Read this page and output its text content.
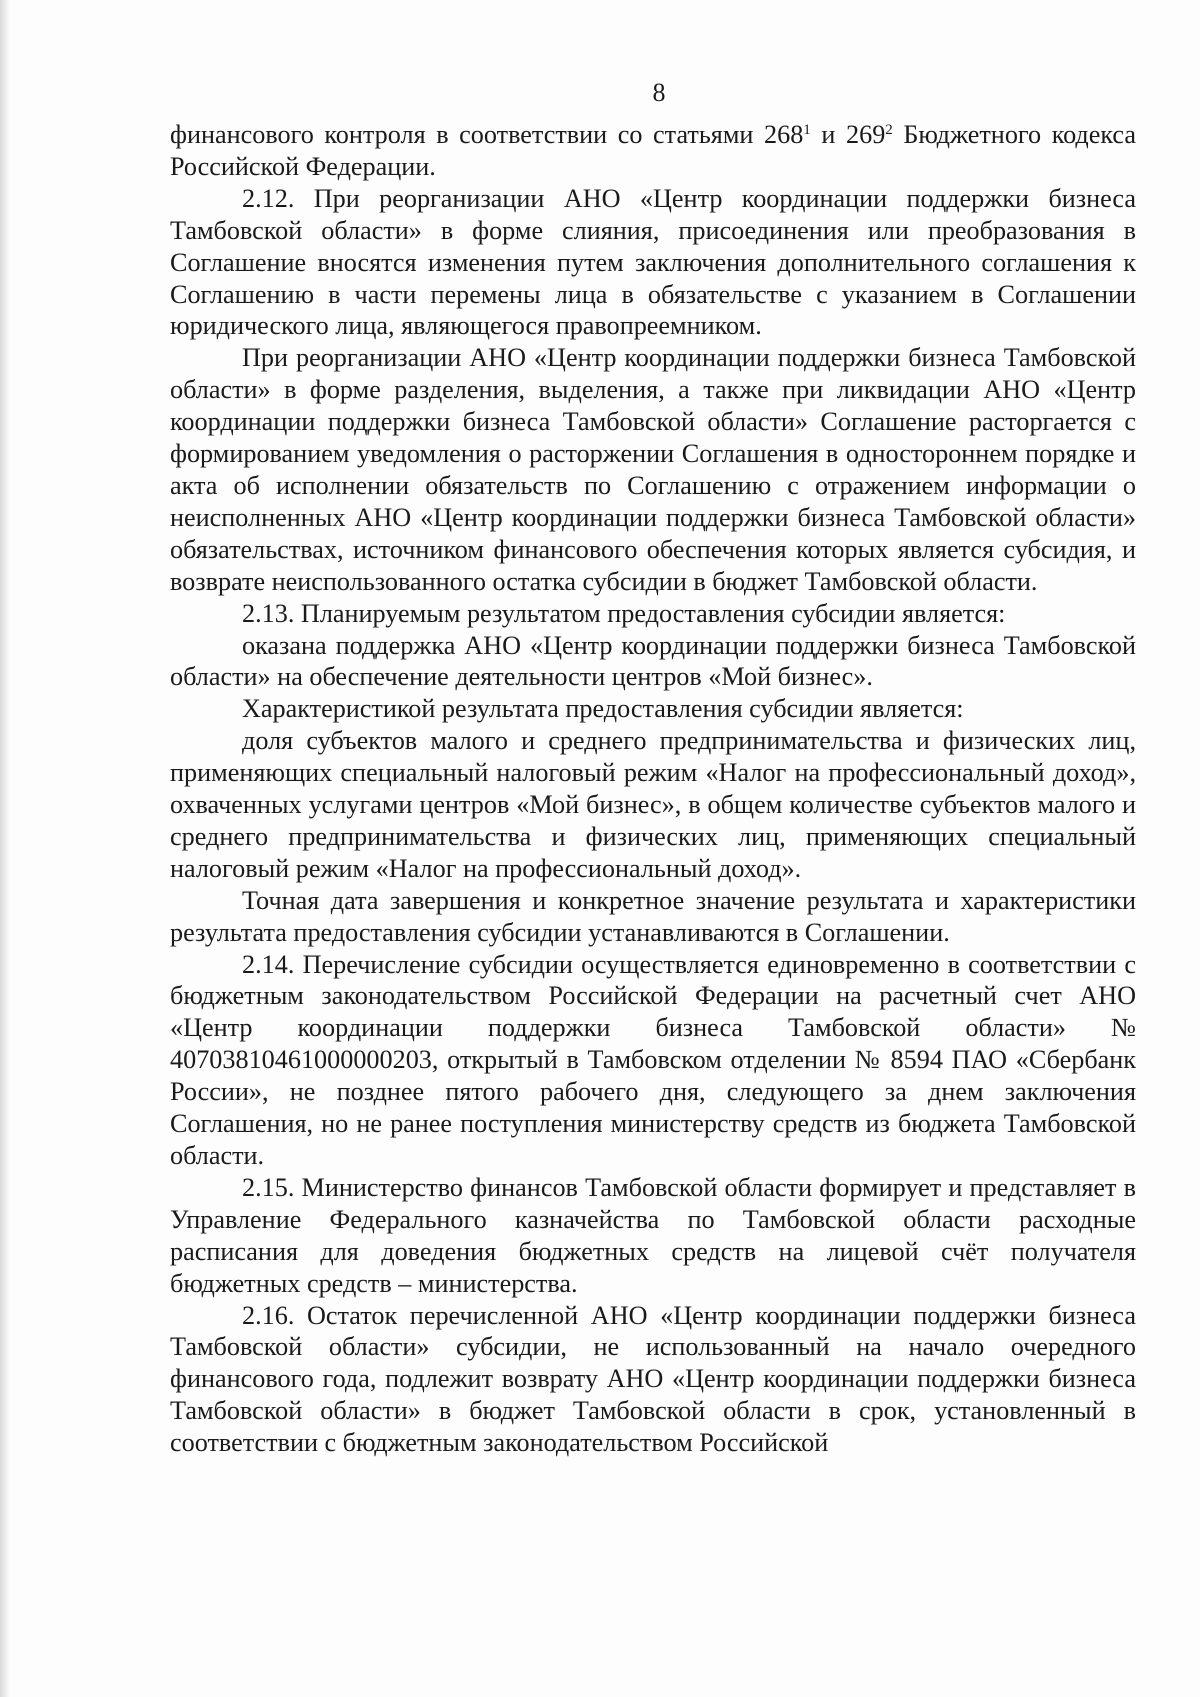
8

финансового контроля в соответствии со статьями $268^1$ и $269^2$ Бюджетного кодекса Российской Федерации.

2.12. При реорганизации АНО «Центр координации поддержки бизнеса Тамбовской области» в форме слияния, присоединения или преобразования в Соглашение вносятся изменения путем заключения дополнительного соглашения к Соглашению в части перемены лица в обязательстве с указанием в Соглашении юридического лица, являющегося правопреемником.

При реорганизации АНО «Центр координации поддержки бизнеса Тамбовской области» в форме разделения, выделения, а также при ликвидации АНО «Центр координации поддержки бизнеса Тамбовской области» Соглашение расторгается с формированием уведомления о расторжении Соглашения в одностороннем порядке и акта об исполнении обязательств по Соглашению с отражением информации о неисполненных АНО «Центр координации поддержки бизнеса Тамбовской области» обязательствах, источником финансового обеспечения которых является субсидия, и возврате неиспользованного остатка субсидии в бюджет Тамбовской области.

2.13. Планируемым результатом предоставления субсидии является:

оказана поддержка АНО «Центр координации поддержки бизнеса Тамбовской области» на обеспечение деятельности центров «Мой бизнес».

Характеристикой результата предоставления субсидии является:

доля субъектов малого и среднего предпринимательства и физических лиц, применяющих специальный налоговый режим «Налог на профессиональный доход», охваченных услугами центров «Мой бизнес», в общем количестве субъектов малого и среднего предпринимательства и физических лиц, применяющих специальный налоговый режим «Налог на профессиональный доход».

Точная дата завершения и конкретное значение результата и характеристики результата предоставления субсидии устанавливаются в Соглашении.

2.14. Перечисление субсидии осуществляется единовременно в соответствии с бюджетным законодательством Российской Федерации на расчетный счет АНО «Центр координации поддержки бизнеса Тамбовской области» № 40703810461000000203, открытый в Тамбовском отделении № 8594 ПАО «Сбербанк России», не позднее пятого рабочего дня, следующего за днем заключения Соглашения, но не ранее поступления министерству средств из бюджета Тамбовской области.

2.15. Министерство финансов Тамбовской области формирует и представляет в Управление Федерального казначейства по Тамбовской области расходные расписания для доведения бюджетных средств на лицевой счёт получателя бюджетных средств – министерства.

2.16. Остаток перечисленной АНО «Центр координации поддержки бизнеса Тамбовской области» субсидии, не использованный на начало очередного финансового года, подлежит возврату АНО «Центр координации поддержки бизнеса Тамбовской области» в бюджет Тамбовской области в срок, установленный в соответствии с бюджетным законодательством Российской
